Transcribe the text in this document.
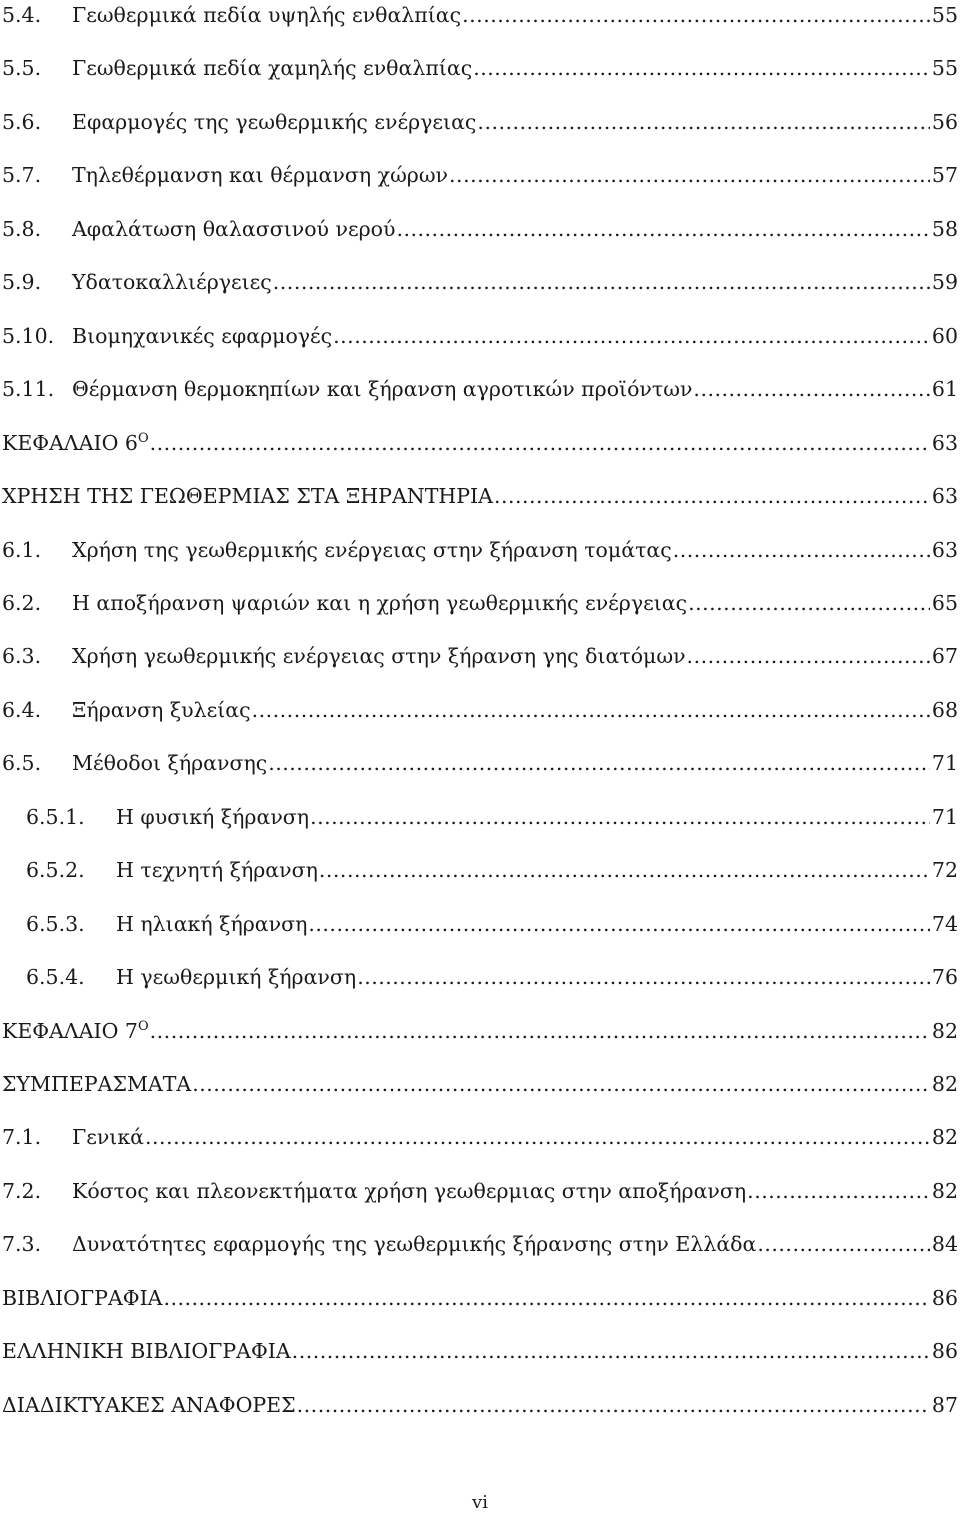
5.4.	Γεωθερμικά πεδία υψηλής ενθαλπίας .....	55
5.5.	Γεωθερμικά πεδία χαμηλής ενθαλπίας .....	55
5.6.	Εφαρμογές της γεωθερμικής ενέργειας .....	56
5.7.	Τηλεθέρμανση και θέρμανση χώρων .....	57
5.8.	Αφαλάτωση θαλασσινού νερού .....	58
5.9.	Υδατοκαλλιέργειες .....	59
5.10. Βιομηχανικές εφαρμογές .....	60
5.11. Θέρμανση θερμοκηπίων και ξήρανση αγροτικών προϊόντων .....	61
ΚΕΦΑΛΑΙΟ $6^O$ .....	63
ΧΡΗΣΗ ΤΗΣ ΓΕΩΘΕΡΜΙΑΣ ΣΤΑ ΞΗΡΑΝΤΗΡΙΑ .....	63
6.1.	Χρήση της γεωθερμικής ενέργειας στην ξήρανση τομάτας .....	63
6.2.	Η αποξήρανση ψαριών και η χρήση γεωθερμικής ενέργειας .....	65
6.3.	Χρήση γεωθερμικής ενέργειας στην ξήρανση γης διατόμων .....	67
6.4.	Ξήρανση ξυλείας .....	68
6.5.	Μέθοδοι ξήρανσης .....	71
6.5.1.	Η φυσική ξήρανση .....	71
6.5.2.	Η τεχνητή ξήρανση .....	72
6.5.3.	Η ηλιακή ξήρανση .....	74
6.5.4.	Η γεωθερμική ξήρανση .....	76
ΚΕΦΑΛΑΙΟ $7^O$ .....	82
ΣΥΜΠΕΡΑΣΜΑΤΑ .....	82
7.1.	Γενικά .....	82
7.2.	Κόστος και πλεονεκτήματα χρήση γεωθερμιας στην αποξήρανση .....	82
7.3.	Δυνατότητες εφαρμογής της γεωθερμικής ξήρανσης στην Ελλάδα .....	84
ΒΙΒΛΙΟΓΡΑΦΙΑ .....	86
ΕΛΛΗΝΙΚΗ ΒΙΒΛΙΟΓΡΑΦΙΑ .....	86
ΔΙΑΔΙΚΤΥΑΚΕΣ ΑΝΑΦΟΡΕΣ .....	87
vi
